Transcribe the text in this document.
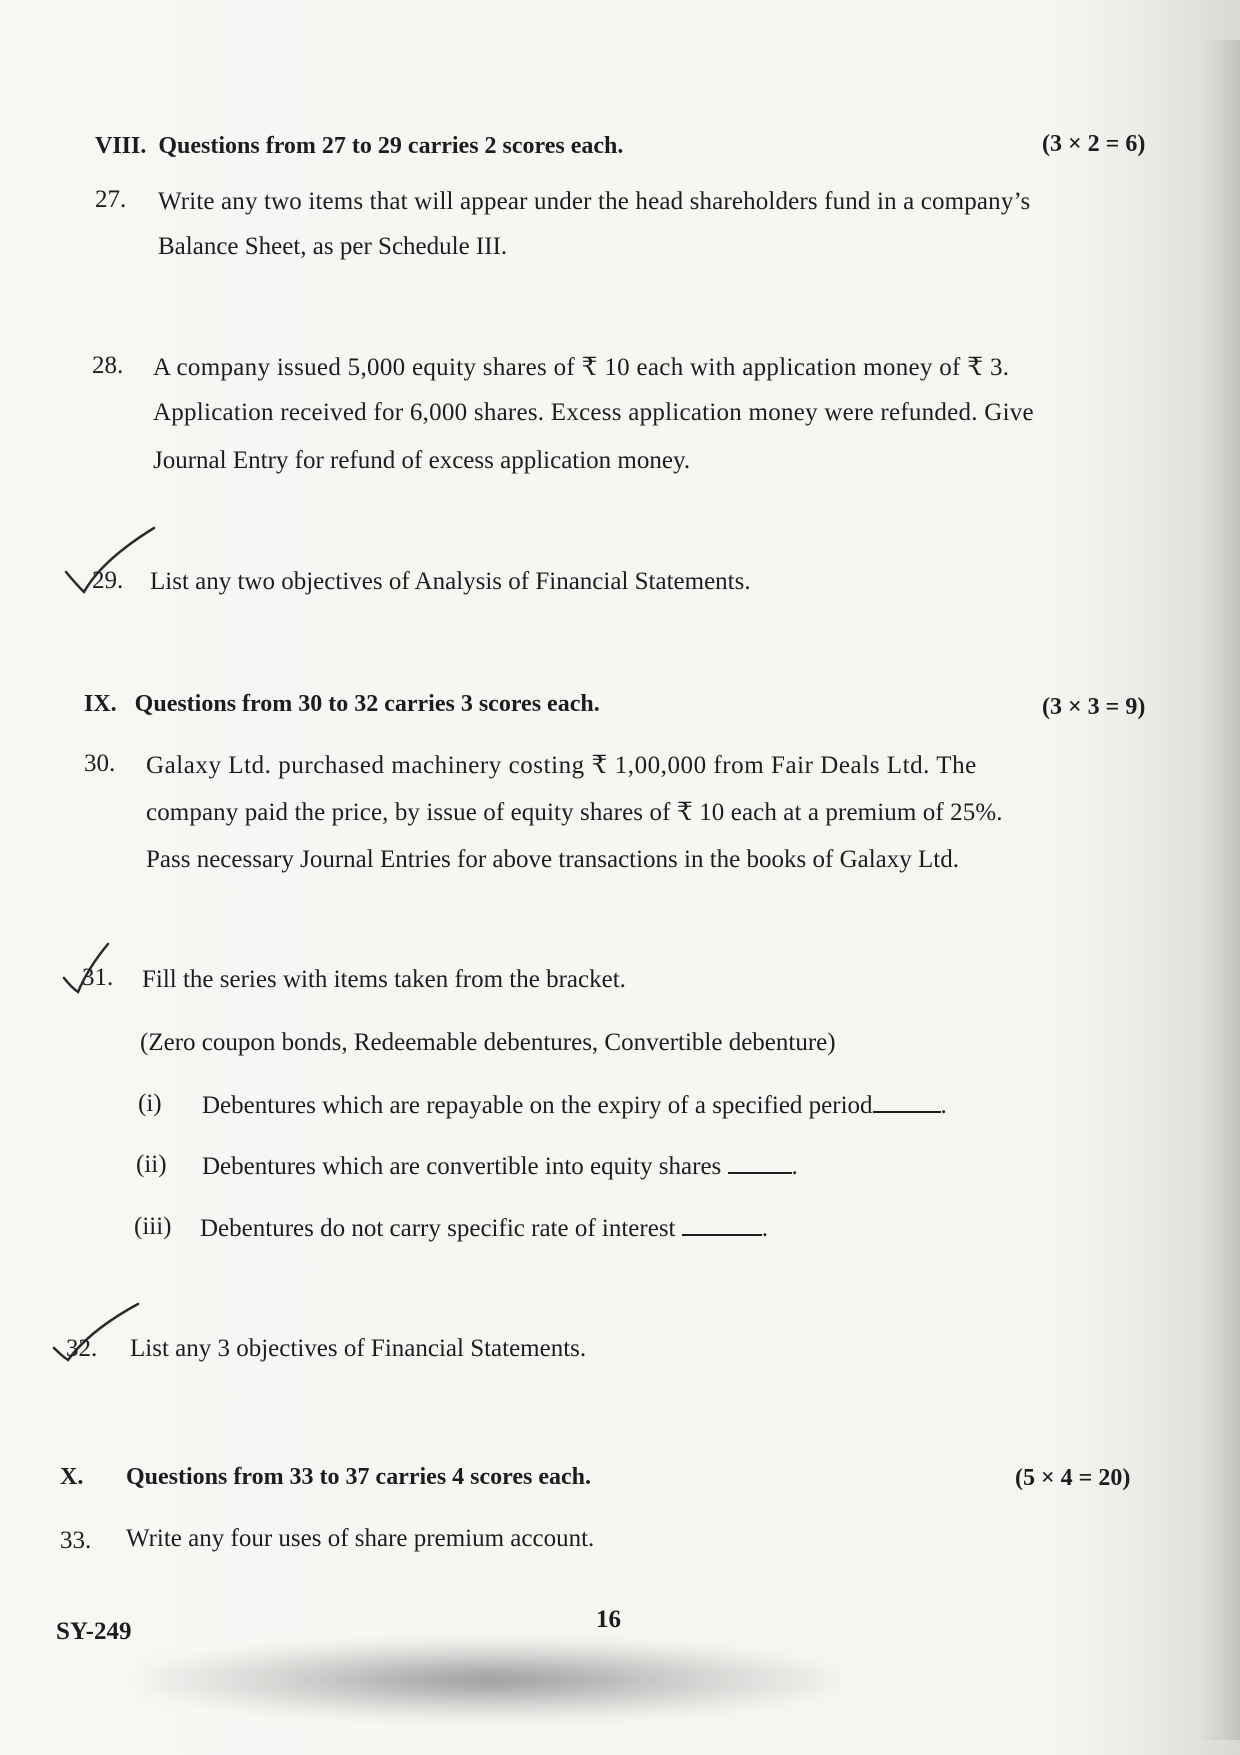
VIII. Questions from 27 to 29 carries 2 scores each.	(3 × 2 = 6)
27. Write any two items that will appear under the head shareholders fund in a company’s
Balance Sheet, as per Schedule III.
28. A company issued 5,000 equity shares of ₹ 10 each with application money of ₹ 3.
Application received for 6,000 shares. Excess application money were refunded. Give
Journal Entry for refund of excess application money.
29. List any two objectives of Analysis of Financial Statements.
IX. Questions from 30 to 32 carries 3 scores each.	(3 × 3 = 9)
30. Galaxy Ltd. purchased machinery costing ₹ 1,00,000 from Fair Deals Ltd. The
company paid the price, by issue of equity shares of ₹ 10 each at a premium of 25%.
Pass necessary Journal Entries for above transactions in the books of Galaxy Ltd.
31. Fill the series with items taken from the bracket.
(Zero coupon bonds, Redeemable debentures, Convertible debenture)
(i) Debentures which are repayable on the expiry of a specified period	.
(ii) Debentures which are convertible into equity shares	.
(iii) Debentures do not carry specific rate of interest	.
32. List any 3 objectives of Financial Statements.
X. Questions from 33 to 37 carries 4 scores each.	(5 × 4 = 20)
33. Write any four uses of share premium account.
SY-249	16
